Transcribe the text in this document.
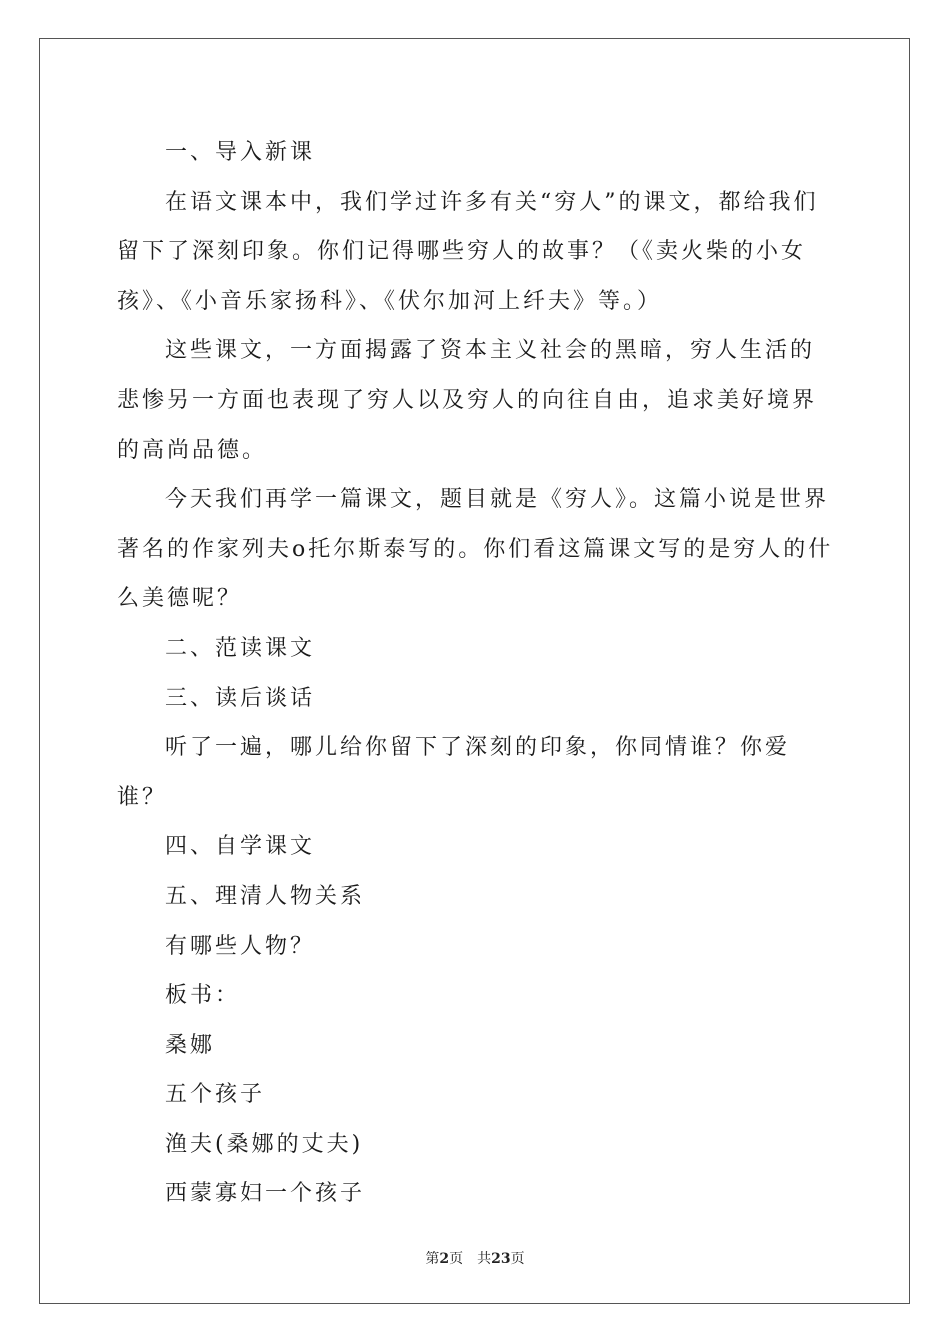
一、导入新课

在语文课本中，我们学过许多有关“穷人”的课文，都给我们留下了深刻印象。你们记得哪些穷人的故事？（《卖火柴的小女孩》、《小音乐家扬科》、《伏尔加河上纤夫》等。）

这些课文，一方面揭露了资本主义社会的黑暗，穷人生活的悲惨另一方面也表现了穷人以及穷人的向往自由，追求美好境界的高尚品德。

今天我们再学一篇课文，题目就是《穷人》。这篇小说是世界著名的作家列夫o托尔斯泰写的。你们看这篇课文写的是穷人的什么美德呢？

二、范读课文

三、读后谈话

听了一遍，哪儿给你留下了深刻的印象，你同情谁？你爱谁？

四、自学课文

五、理清人物关系

有哪些人物？

板书：

桑娜

五个孩子

渔夫(桑娜的丈夫)

西蒙寡妇一个孩子

第2页 共23页
